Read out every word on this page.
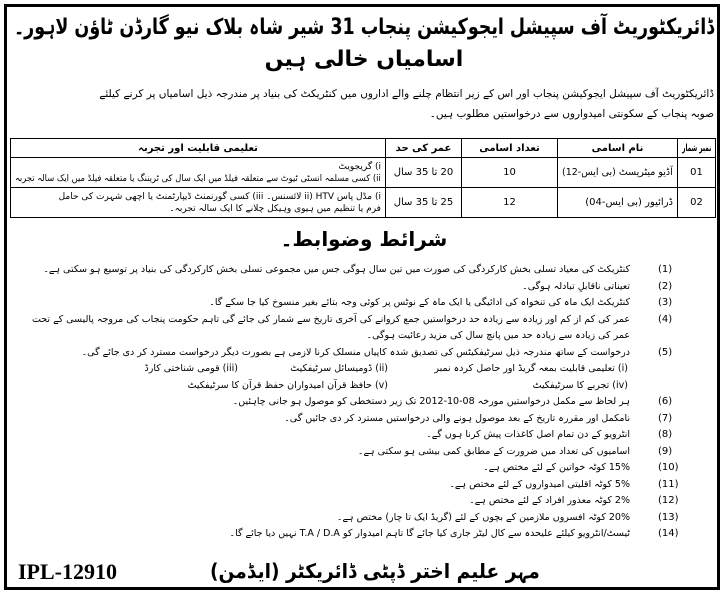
ڈائریکٹوریٹ آف سپیشل ایجوکیشن پنجاب 31 شیر شاہ بلاک نیو گارڈن ٹاؤن لاہور۔
اسامیاں خالی ہیں
ڈائریکٹوریٹ آف سپیشل ایجوکیشن پنجاب اور اس کے زیر انتظام چلنے والے اداروں میں کنٹریکٹ کی بنیاد پر مندرجہ ذیل اسامیاں پر کرنے کیلئے
صوبہ پنجاب کے سکونتی امیدواروں سے درخواستیں مطلوب ہیں۔
نمبر شمار	نام اسامی	تعداد اسامی	عمر کی حد	تعلیمی قابلیت اور تجربہ
01	آڈیو میٹریسٹ (بی ایس-12)	10	20 تا 35 سال	i) گریجویٹ
ii) کسی مسلمہ انسٹی ٹیوٹ سے متعلقہ فیلڈ میں ایک سال کی ٹریننگ یا متعلقہ فیلڈ میں ایک سالہ تجربہ

02	ڈرائیور (بی ایس-04)	12	25 تا 35 سال	i) مڈل پاس ii) HTV لائسنس۔ iii) کسی گورنمنٹ ڈیپارٹمنٹ یا اچھی شہرت کی حامل
فرم یا تنظیم میں ہیوی وہیکل چلانے کا ایک سالہ تجربہ۔
شرائط وضوابط۔
(1)
کنٹریکٹ کی معیاد تسلی بخش کارکردگی کی صورت میں تین سال ہوگی جس میں مجموعی تسلی بخش کارکردگی کی بنیاد پر توسیع ہو سکتی ہے۔
(2)
تعیناتی ناقابلِ تبادلہ ہوگی۔
(3)
کنٹریکٹ ایک ماہ کی تنخواہ کی ادائیگی یا ایک ماہ کے نوٹس پر کوئی وجہ بتائے بغیر منسوخ کیا جا سکے گا۔
(4)
عمر کی کم از کم اور زیادہ سے زیادہ حد درخواستیں جمع کروانے کی آخری تاریخ سے شمار کی جائے گی تاہم حکومت پنجاب کی مروجہ پالیسی کے تحت عمر کی زیادہ سے زیادہ حد میں پانچ سال کی مزید رعائیت ہوگی۔
(5)
درخواست کے ساتھ مندرجہ ذیل سرٹیفکیٹس کی تصدیق شدہ کاپیاں منسلک کرنا لازمی ہے بصورت دیگر درخواست مسترد کر دی جائے گی۔
(i) تعلیمی قابلیت بمعہ گریڈ اور حاصل کردہ نمبر
(ii) ڈومیسائل سرٹیفکیٹ
(iii) قومی شناختی کارڈ
(iv) تجربے کا سرٹیفکیٹ
(v) حافظ قرآن امیدواران حفظ قرآن کا سرٹیفکیٹ
(6)
ہر لحاظ سے مکمل درخواستیں مورخہ 08-10-2012 تک زیر دستخطی کو موصول ہو جانی چاہئیں۔
(7)
نامکمل اور مقررہ تاریخ کے بعد موصول ہونے والی درخواستیں مسترد کر دی جائیں گی۔
(8)
انٹرویو کے دن تمام اصل کاغذات پیش کرنا ہوں گے۔
(9)
اسامیوں کی تعداد میں ضرورت کے مطابق کمی بیشی ہو سکتی ہے۔
(10)
15% کوٹہ خواتین کے لئے مختص ہے۔
(11)
5% کوٹہ اقلیتی امیدواروں کے لئے مختص ہے۔
(12)
2% کوٹہ معذور افراد کے لئے مختص ہے۔
(13)
20% کوٹہ افسروں ملازمین کے بچوں کے لئے (گریڈ ایک تا چار) مختص ہے۔
(14)
ٹیسٹ/انٹرویو کیلئے علیحدہ سے کال لیٹر جاری کیا جائے گا تاہم امیدوار کو T.A / D.A نہیں دیا جائے گا۔
IPL-12910	مہر علیم اختر ڈپٹی ڈائریکٹر (ایڈمن)
